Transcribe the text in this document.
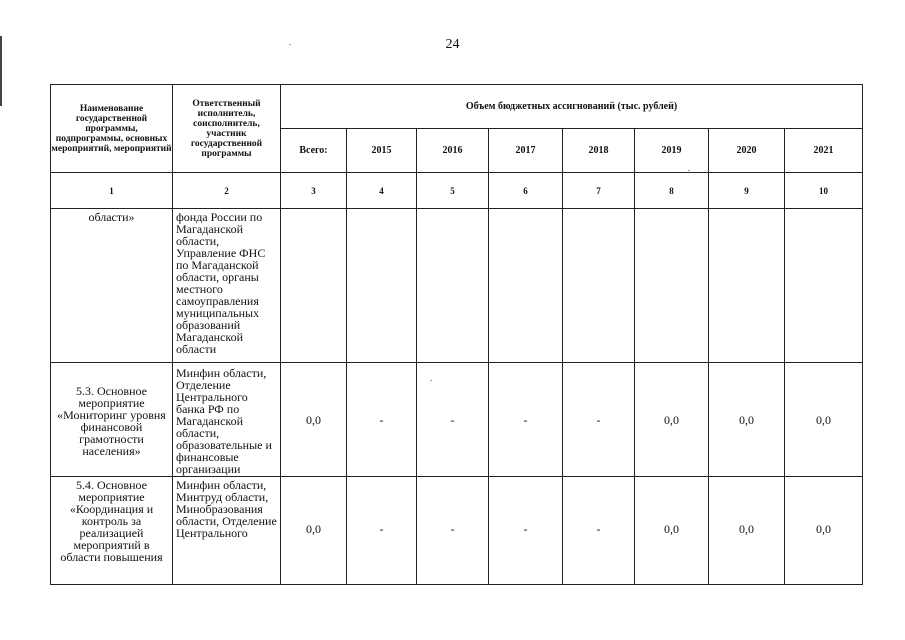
24
Наименование государственной программы, подпрограммы, основных мероприятий, мероприятий	Ответственный исполнитель, соисполнитель, участник государственной программы	Объем бюджетных ассигнований (тыс. рублей)							
		Всего:	2015	2016	2017	2018	2019	2020	2021
1	2	3	4	5	6	7	8	9	10
области»	фонда России по Магаданской области, Управление ФНС по Магаданской области, органы местного самоуправления муниципальных образований Магаданской области								
5.3. Основное мероприятие «Мониторинг уровня финансовой грамотности населения»	Минфин области, Отделение Центрального банка РФ по Магаданской области, образовательные и финансовые организации	0,0	-	-	-	-	0,0	0,0	0,0
5.4. Основное мероприятие «Координация и контроль за реализацией мероприятий в области повышения	Минфин области, Минтруд области, Минобразования области, Отделение Центрального	0,0	-	-	-	-	0,0	0,0	0,0
